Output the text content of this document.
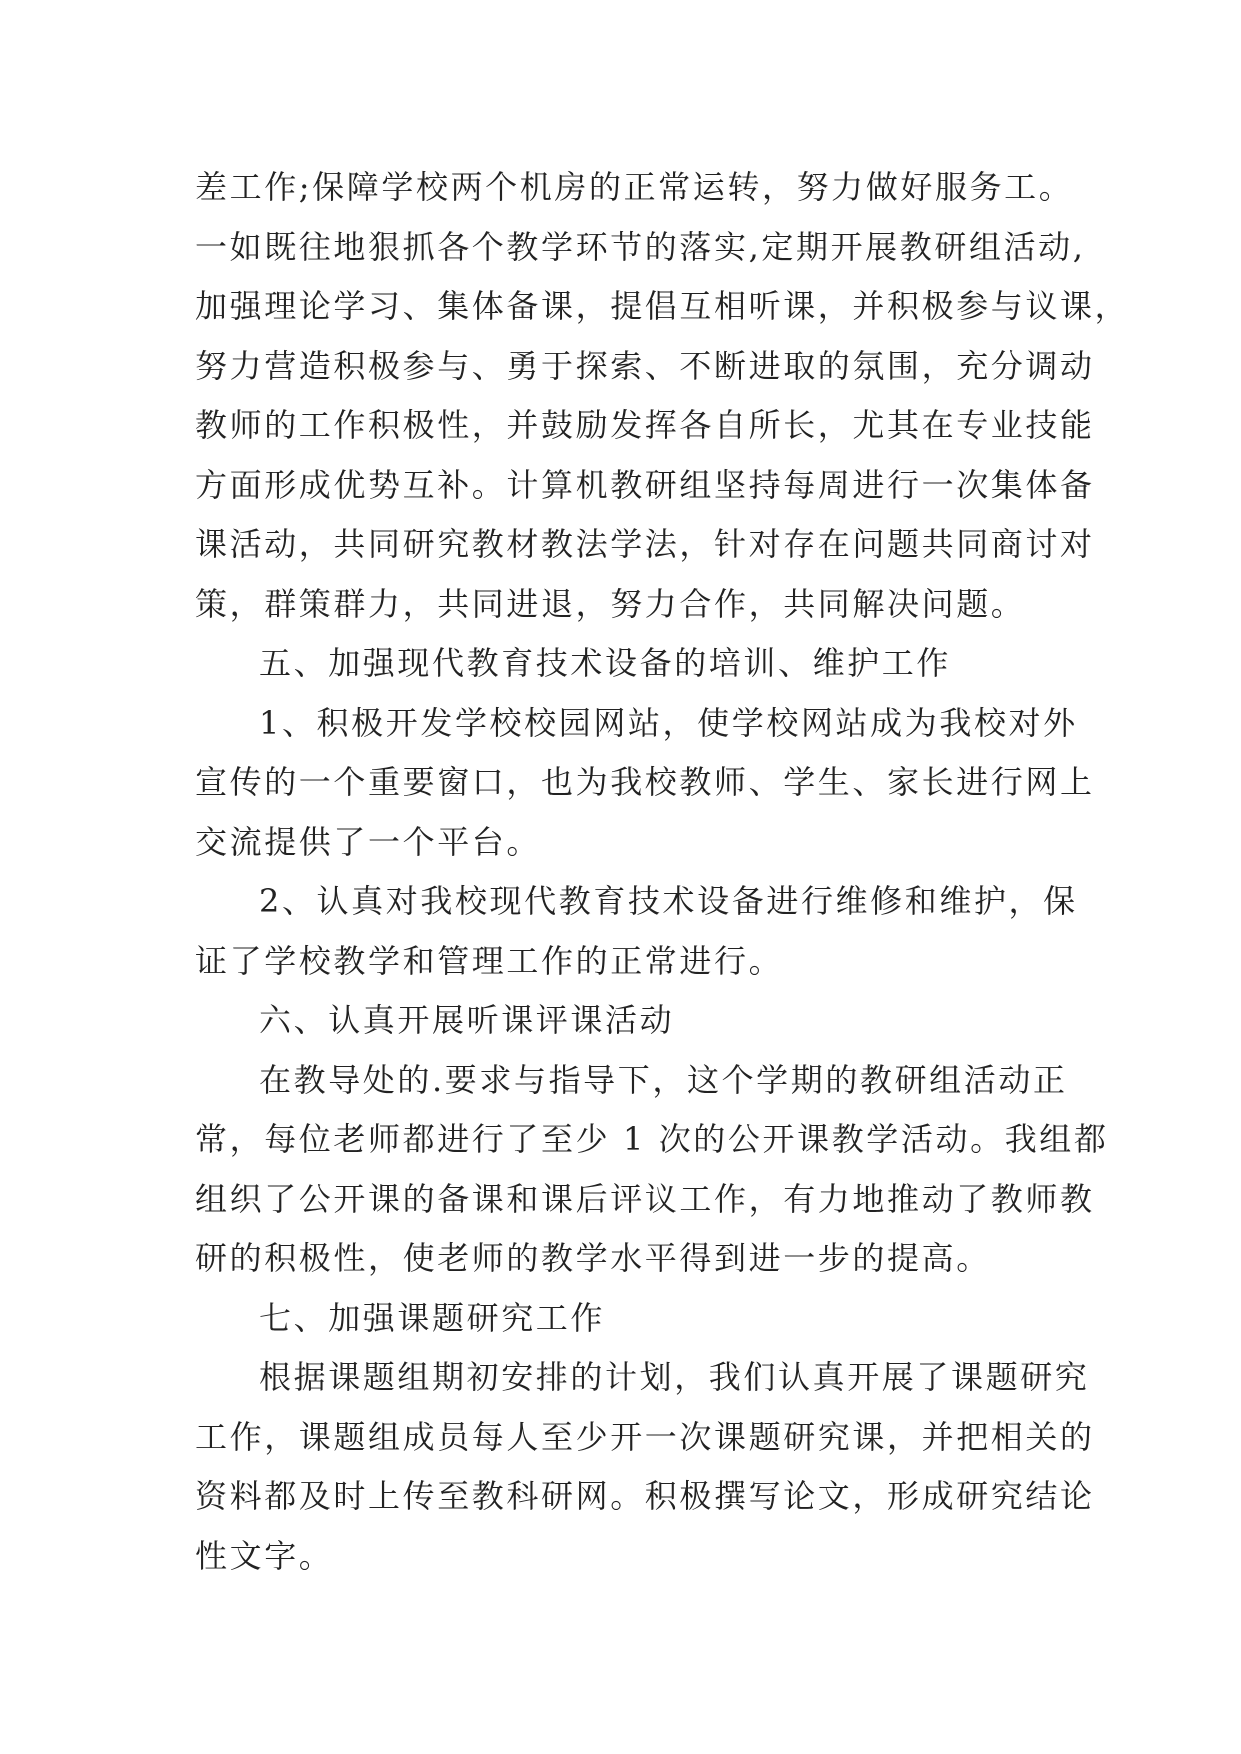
差工作;保障学校两个机房的正常运转，努力做好服务工。
一如既往地狠抓各个教学环节的落实,定期开展教研组活动,
加强理论学习、集体备课，提倡互相听课，并积极参与议课，
努力营造积极参与、勇于探索、不断进取的氛围，充分调动
教师的工作积极性，并鼓励发挥各自所长，尤其在专业技能
方面形成优势互补。计算机教研组坚持每周进行一次集体备
课活动，共同研究教材教法学法，针对存在问题共同商讨对
策，群策群力，共同进退，努力合作，共同解决问题。
五、加强现代教育技术设备的培训、维护工作
1、积极开发学校校园网站，使学校网站成为我校对外
宣传的一个重要窗口，也为我校教师、学生、家长进行网上
交流提供了一个平台。
2、认真对我校现代教育技术设备进行维修和维护，保
证了学校教学和管理工作的正常进行。
六、认真开展听课评课活动
在教导处的.要求与指导下，这个学期的教研组活动正
常，每位老师都进行了至少 1 次的公开课教学活动。我组都
组织了公开课的备课和课后评议工作，有力地推动了教师教
研的积极性，使老师的教学水平得到进一步的提高。
七、加强课题研究工作
根据课题组期初安排的计划，我们认真开展了课题研究
工作，课题组成员每人至少开一次课题研究课，并把相关的
资料都及时上传至教科研网。积极撰写论文，形成研究结论
性文字。
